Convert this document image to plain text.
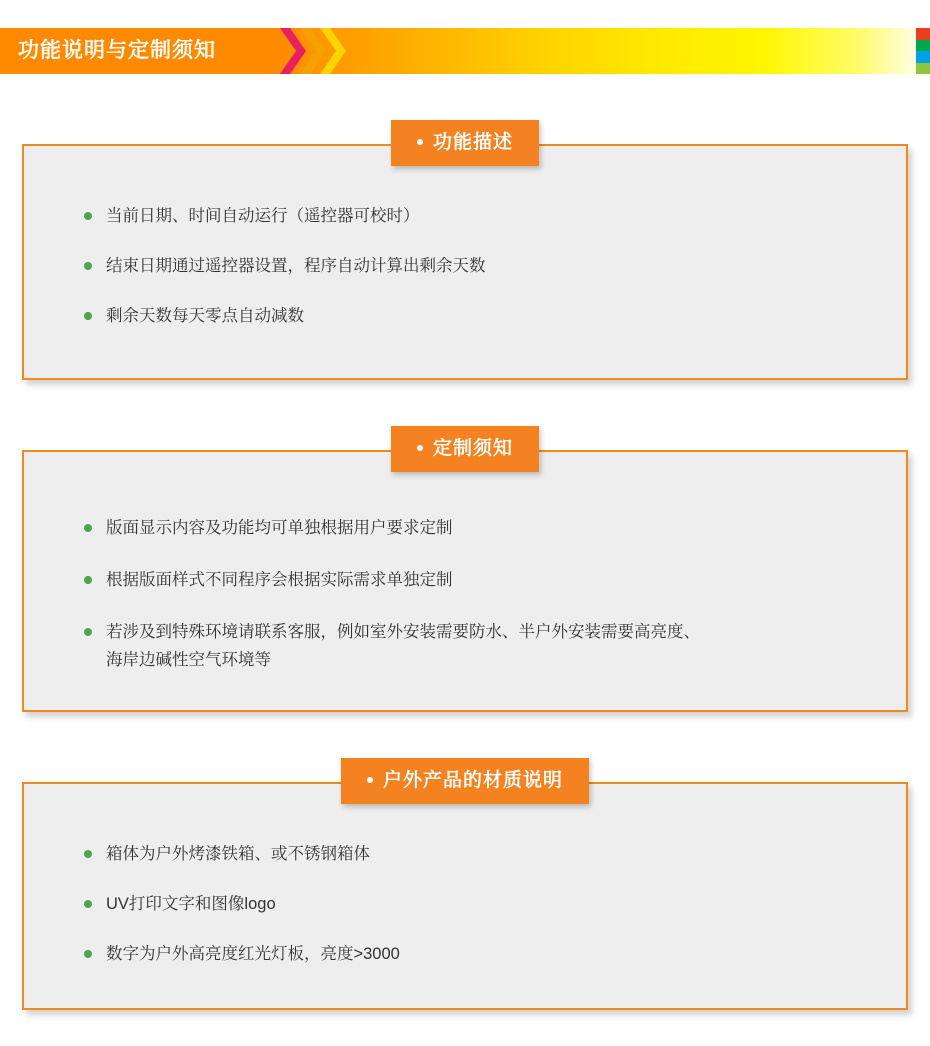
功能说明与定制须知
功能描述
当前日期、时间自动运行（遥控器可校时）
结束日期通过遥控器设置，程序自动计算出剩余天数
剩余天数每天零点自动减数
定制须知
版面显示内容及功能均可单独根据用户要求定制
根据版面样式不同程序会根据实际需求单独定制
若涉及到特殊环境请联系客服，例如室外安装需要防水、半户外安装需要高亮度、
海岸边碱性空气环境等
户外产品的材质说明
箱体为户外烤漆铁箱、或不锈钢箱体
UV打印文字和图像logo
数字为户外高亮度红光灯板，亮度>3000
